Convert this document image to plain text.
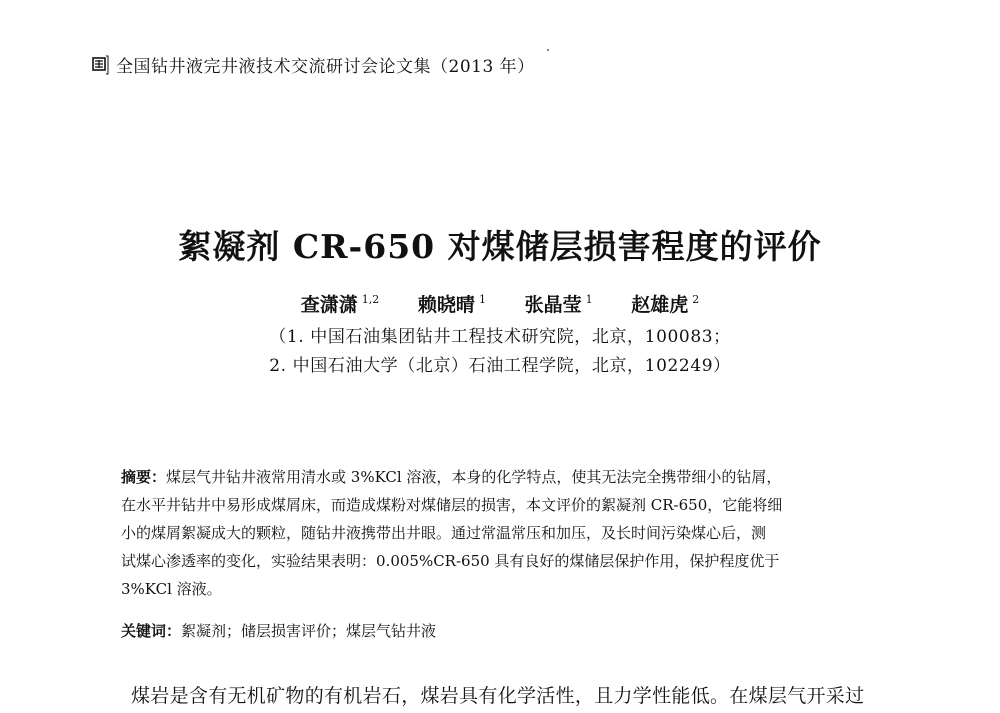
全国钻井液完井液技术交流研讨会论文集（2013 年）
絮凝剂 CR-650 对煤储层损害程度的评价
查潇潇 $^{1,2}$ 赖晓晴 $^1$ 张晶莹 $^1$ 赵雄虎 $^2$
（1. 中国石油集团钻井工程技术研究院，北京，100083；
2. 中国石油大学（北京）石油工程学院，北京，102249）
摘要：煤层气井钻井液常用清水或 3%KCl 溶液，本身的化学特点，使其无法完全携带细小的钻屑，
在水平井钻井中易形成煤屑床，而造成煤粉对煤储层的损害，本文评价的絮凝剂 CR-650，它能将细
小的煤屑絮凝成大的颗粒，随钻井液携带出井眼。通过常温常压和加压，及长时间污染煤心后，测
试煤心渗透率的变化，实验结果表明：0.005%CR-650 具有良好的煤储层保护作用，保护程度优于
3%KCl 溶液。
关键词：絮凝剂；储层损害评价；煤层气钻井液
煤岩是含有无机矿物的有机岩石，煤岩具有化学活性，且力学性能低。在煤层气开采过
